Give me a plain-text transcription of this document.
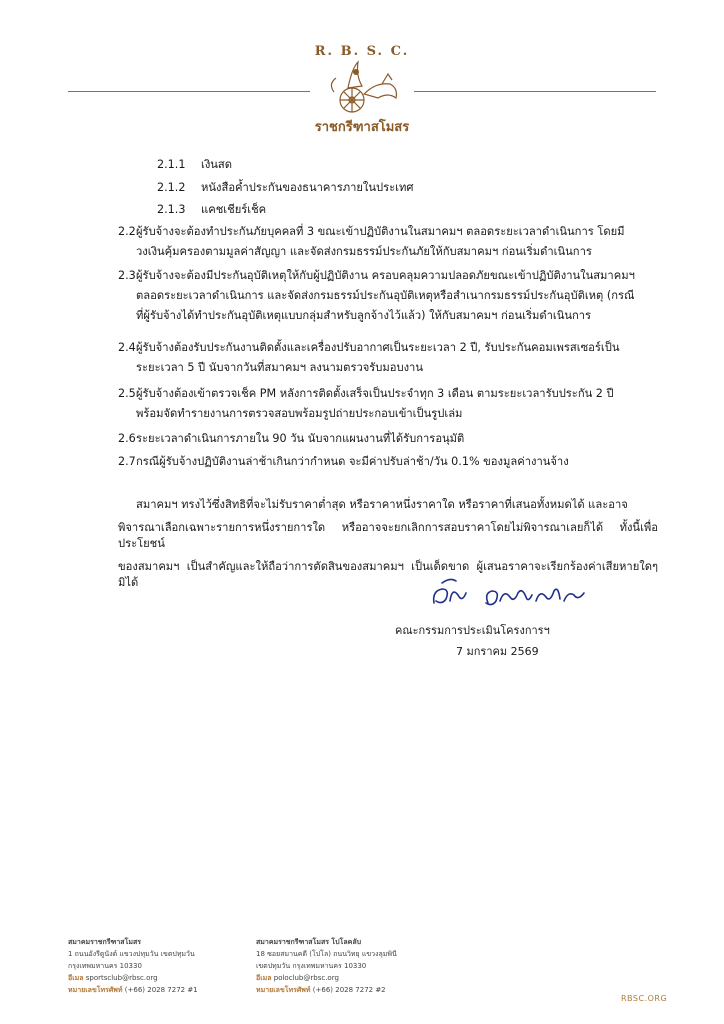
R. B. S. C.
ราชกรีฑาสโมสร
2.1.1 เงินสด
2.1.2 หนังสือค้ำประกันของธนาคารภายในประเทศ
2.1.3 แคชเชียร์เช็ค
2.2 ผู้รับจ้างจะต้องทำประกันภัยบุคคลที่ 3 ขณะเข้าปฏิบัติงานในสมาคมฯ ตลอดระยะเวลาดำเนินการ โดยมี
วงเงินคุ้มครองตามมูลค่าสัญญา และจัดส่งกรมธรรม์ประกันภัยให้กับสมาคมฯ ก่อนเริ่มดำเนินการ
2.3 ผู้รับจ้างจะต้องมีประกันอุบัติเหตุให้กับผู้ปฏิบัติงาน ครอบคลุมความปลอดภัยขณะเข้าปฏิบัติงานในสมาคมฯ
ตลอดระยะเวลาดำเนินการ และจัดส่งกรมธรรม์ประกันอุบัติเหตุหรือสำเนากรมธรรม์ประกันอุบัติเหตุ (กรณี
ที่ผู้รับจ้างได้ทำประกันอุบัติเหตุแบบกลุ่มสำหรับลูกจ้างไว้แล้ว) ให้กับสมาคมฯ ก่อนเริ่มดำเนินการ
2.4 ผู้รับจ้างต้องรับประกันงานติดตั้งและเครื่องปรับอากาศเป็นระยะเวลา 2 ปี, รับประกันคอมเพรสเซอร์เป็น
ระยะเวลา 5 ปี นับจากวันที่สมาคมฯ ลงนามตรวจรับมอบงาน
2.5 ผู้รับจ้างต้องเข้าตรวจเช็ค PM หลังการติดตั้งเสร็จเป็นประจำทุก 3 เดือน ตามระยะเวลารับประกัน 2 ปี
พร้อมจัดทำรายงานการตรวจสอบพร้อมรูปถ่ายประกอบเข้าเป็นรูปเล่ม
2.6 ระยะเวลาดำเนินการภายใน 90 วัน นับจากแผนงานที่ได้รับการอนุมัติ
2.7 กรณีผู้รับจ้างปฏิบัติงานล่าช้าเกินกว่ากำหนด จะมีค่าปรับล่าช้า/วัน 0.1% ของมูลค่างานจ้าง
สมาคมฯ ทรงไว้ซึ่งสิทธิที่จะไม่รับราคาต่ำสุด หรือราคาหนึ่งราคาใด หรือราคาที่เสนอทั้งหมดได้ และอาจ
พิจารณาเลือกเฉพาะรายการหนึ่งรายการใด หรืออาจจะยกเลิกการสอบราคาโดยไม่พิจารณาเลยก็ได้ ทั้งนี้เพื่อประโยชน์
ของสมาคมฯ เป็นสำคัญและให้ถือว่าการตัดสินของสมาคมฯ เป็นเด็ดขาด ผู้เสนอราคาจะเรียกร้องค่าเสียหายใดๆ มิได้
คณะกรรมการประเมินโครงการฯ
7 มกราคม 2569
สมาคมราชกรีฑาสโมสร
1 ถนนอังรีดูนังต์ แขวงปทุมวัน เขตปทุมวัน
กรุงเทพมหานคร 10330
อีเมล sportsclub@rbsc.org
หมายเลขโทรศัพท์ (+66) 2028 7272 #1
สมาคมราชกรีฑาสโมสร โปโลคลับ
18 ซอยสมานคดี (โปโล) ถนนวิทยุ แขวงลุมพินี
เขตปทุมวัน กรุงเทพมหานคร 10330
อีเมล poloclub@rbsc.org
หมายเลขโทรศัพท์ (+66) 2028 7272 #2
RBSC.ORG
